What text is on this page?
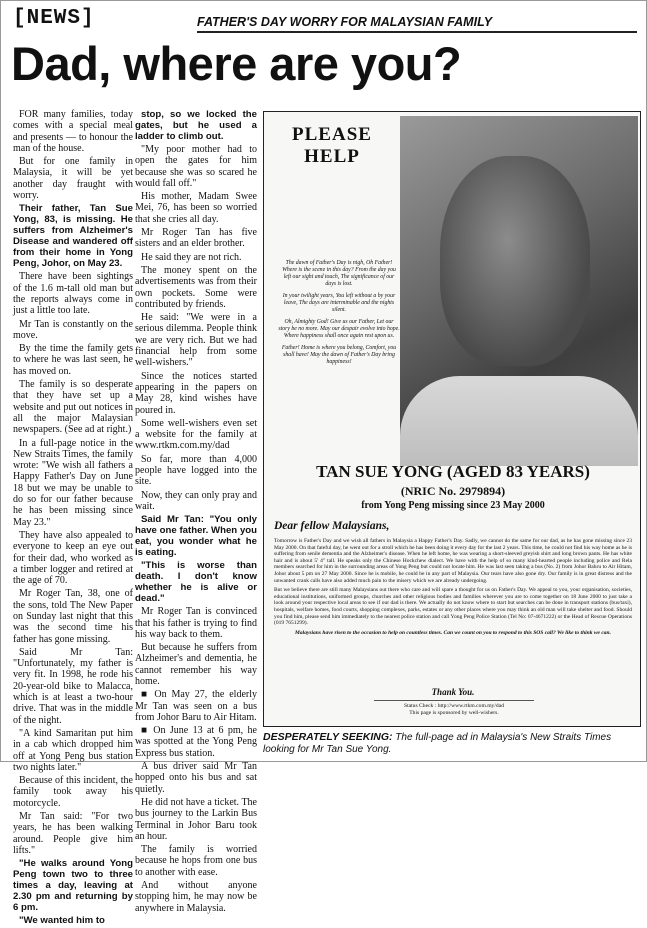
[NEWS]	FATHER'S DAY WORRY FOR MALAYSIAN FAMILY
Dad, where are you?

FOR many families, today comes with a special meal and presents — to honour the man of the house.

But for one family in Malaysia, it will be yet another day fraught with worry.

Their father, Tan Sue Yong, 83, is missing. He suffers from Alzheimer's Disease and wandered off from their home in Yong Peng, Johor, on May 23.

There have been sightings of the 1.6 m-tall old man but the reports always come in just a little too late.

Mr Tan is constantly on the move.

By the time the family gets to where he was last seen, he has moved on.

The family is so desperate that they have set up a website and put out notices in all the major Malaysian newspapers. (See ad at right.)

In a full-page notice in the New Straits Times, the family wrote: "We wish all fathers a Happy Father's Day on June 18 but we may be unable to do so for our father because he has been missing since May 23."

They have also appealed to everyone to keep an eye out for their dad, who worked as a timber logger and retired at the age of 70.

Mr Roger Tan, 38, one of the sons, told The New Paper on Sunday last night that this was the second time his father has gone missing.

Said Mr Tan: "Unfortunately, my father is very fit. In 1998, he rode his 20-year-old bike to Malacca, which is at least a two-hour drive. That was in the middle of the night.

"A kind Samaritan put him in a cab which dropped him off at Yong Peng bus station two nights later."

Because of this incident, the family took away his motorcycle.

Mr Tan said: "For two years, he has been walking around. People give him lifts."

"He walks around Yong Peng town two to three times a day, leaving at 2.30 pm and returning by 6 pm.

"We wanted him to

stop, so we locked the gates, but he used a ladder to climb out.

"My poor mother had to open the gates for him because she was so scared he would fall off."

His mother, Madam Swee Mei, 76, has been so worried that she cries all day.

Mr Roger Tan has five sisters and an elder brother.

He said they are not rich.

The money spent on the advertisements was from their own pockets. Some were contributed by friends.

He said: "We were in a serious dilemma. People think we are very rich. But we had financial help from some well-wishers."

Since the notices started appearing in the papers on May 28, kind wishes have poured in.

Some well-wishers even set a website for the family at www.rtkm.com.my/dad

So far, more than 4,000 people have logged into the site.

Now, they can only pray and wait.

Said Mr Tan: "You only have one father. When you eat, you wonder what he is eating.

"This is worse than death. I don't know whether he is alive or dead."

Mr Roger Tan is convinced that his father is trying to find his way back to them.

But because he suffers from Alzheimer's and dementia, he cannot remember his way home.

■ On May 27, the elderly Mr Tan was seen on a bus from Johor Baru to Air Hitam.

■ On June 13 at 6 pm, he was spotted at the Yong Peng Express bus station.

A bus driver said Mr Tan hopped onto his bus and sat quietly.

He did not have a ticket. The bus journey to the Larkin Bus Terminal in Johor Baru took an hour.

The family is worried because he hops from one bus to another with ease.

And without anyone stopping him, he may now be anywhere in Malaysia.

PLEASE HELP

The dawn of Father's Day is nigh, Oh Father! Where is the scene in this day? From the day you left our sight and touch, The significance of our days is lost.

In your twilight years, You left without a by your leave, The days are interminable and the nights silent.

Oh, Almighty God! Give us our Father, Let our story be no more. May our despair evolve into hope. Where happiness shall once again rest upon us.

Father! Home is where you belong, Comfort, you shall have! May the dawn of Father's Day bring happiness!

TAN SUE YONG (AGED 83 YEARS)
(NRIC No. 2979894)
from Yong Peng missing since 23 May 2000
Dear fellow Malaysians,

Tomorrow is Father's Day and we wish all fathers in Malaysia a Happy Father's Day. Sadly, we cannot do the same for our dad, as he has gone missing since 23 May 2000. On that fateful day, he went out for a stroll which he has been doing it every day for the last 2 years. This time, he could not find his way home as he is suffering from senile dementia and the Alzheimer's disease. When he left home, he was wearing a short-sleeved greyish shirt and long brown pants. He has white hair and is about 5' 4" tall. He speaks only the Chinese Hockchew dialect. We have with the help of so many kind-hearted people including police and Rela members searched for him in the surrounding areas of Yong Peng but could not locate him. He was last seen taking a bus (No. 2) from Johor Bahru to Air Hitam, Johor about 5 pm on 27 May 2000. Since he is mobile, he could be in any part of Malaysia. Our tears have also gone dry. Our family is in great distress and the unwanted crank calls have also added much pain to the misery which we are already undergoing.

But we believe there are still many Malaysians out there who care and will spare a thought for us on Father's Day. We appeal to you, your organisation, societies, educational institutions, uniformed groups, churches and other religious bodies and families wherever you are to come together on 18 June 2000 to just take a look around your respective local areas to see if our dad is there. We actually do not know where to start but searches can be done in transport stations (bus/taxi), hospitals, welfare homes, food courts, shopping complexes, parks, estates or any other places where you may think an old man will take shelter and food. Should you find him, please send him immediately to the nearest police station and call Yong Peng Police Station (Tel No: 07-4671222) or the Head of Rescue Operations (019 7651299).

Malaysians have risen to the occasion to help on countless times. Can we count on you to respond to this SOS call? We like to think we can.

Thank You.
Status Check : http://www.rtkm.com.my/dad
This page is sponsored by well-wishers.
DESPERATELY SEEKING: The full-page ad in Malaysia's New Straits Times looking for Mr Tan Sue Yong.
